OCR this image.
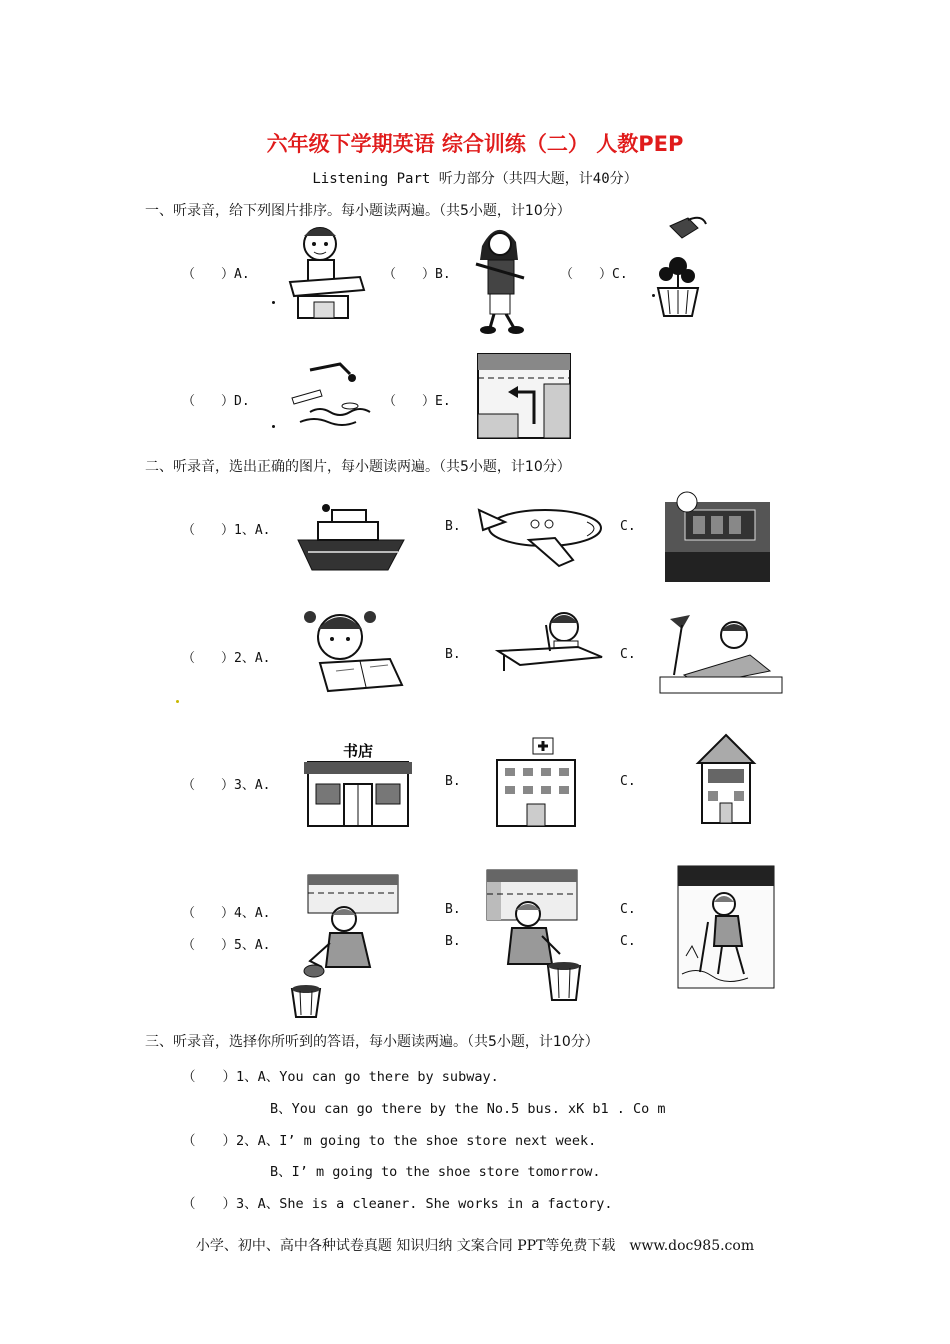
六年级下学期英语 综合训练（二） 人教PEP
Listening Part 听力部分（共四大题，计40分）
一、听录音，给下列图片排序。每小题读两遍。（共5小题，计10分）
（　　）A.	（　　）B.	（　　）C.
（　　）D.	（　　）E.
二、听录音，选出正确的图片，每小题读两遍。（共5小题，计10分）
（　　）1、A.	B.	C.
（　　）2、A.	B.	C.
（　　）3、A.	B.	C.
书店
（　　）4、A.	B.	C.
（　　）5、A.	B.	C.
三、听录音，选择你所听到的答语，每小题读两遍。（共5小题，计10分）
（　　）1、A、You can go there by subway.
B、You can go there by the No.5 bus. xK b1 . Co m
（　　）2、A、I’ m going to the shoe store next week.
B、I’ m going to the shoe store tomorrow.
（　　）3、A、She is a cleaner. She works in a factory.
小学、初中、高中各种试卷真题 知识归纳 文案合同 PPT等免费下载　www.doc985.com
